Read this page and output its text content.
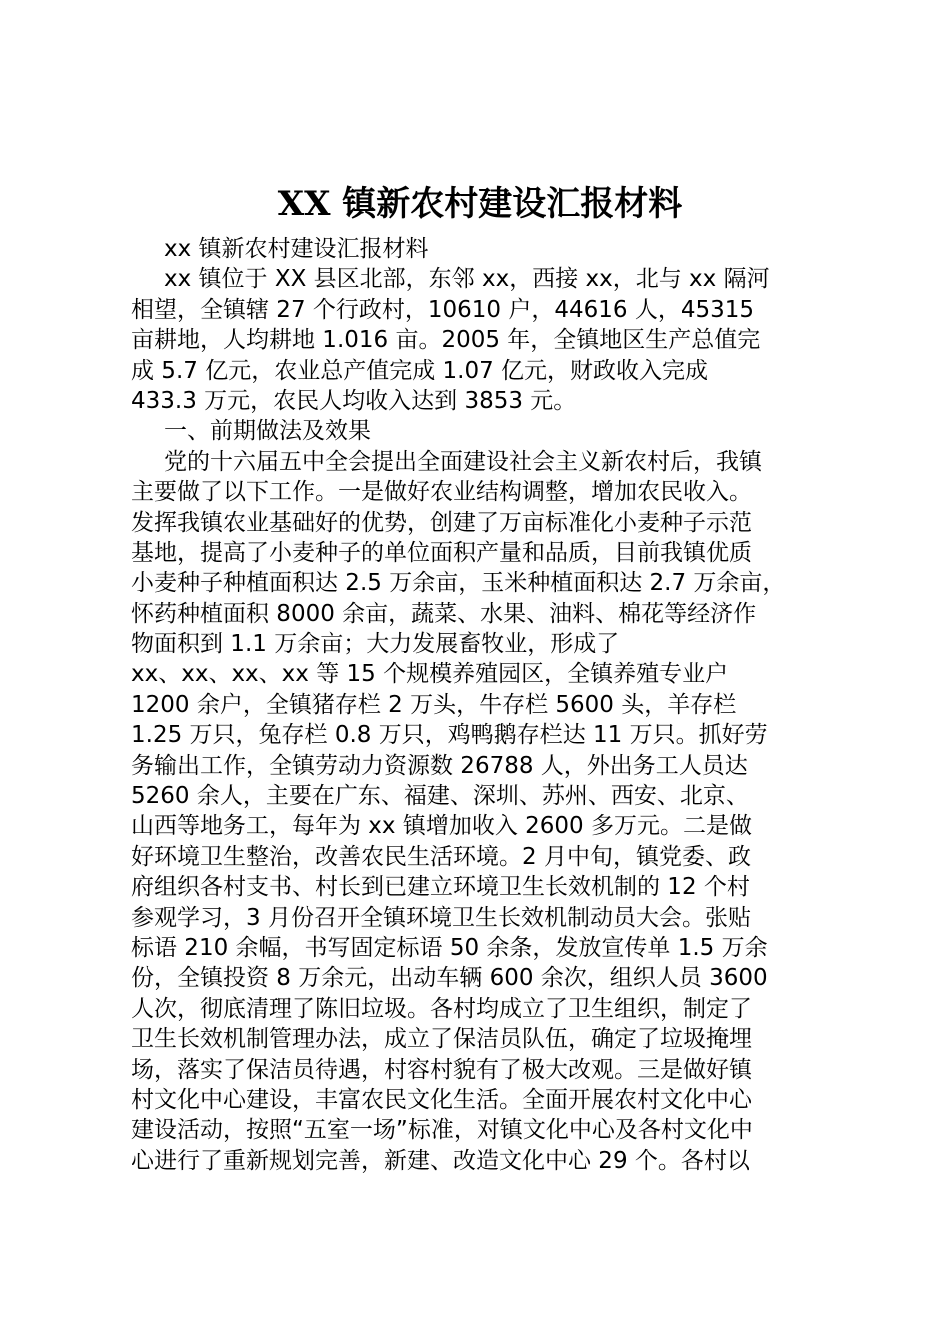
XX 镇新农村建设汇报材料
xx 镇新农村建设汇报材料
xx 镇位于 XX 县区北部，东邻 xx，西接 xx，北与 xx 隔河
相望，全镇辖 27 个行政村，10610 户，44616 人，45315
亩耕地，人均耕地 1.016 亩。2005 年，全镇地区生产总值完
成 5.7 亿元，农业总产值完成 1.07 亿元，财政收入完成
433.3 万元，农民人均收入达到 3853 元。
一、前期做法及效果
党的十六届五中全会提出全面建设社会主义新农村后，我镇
主要做了以下工作。一是做好农业结构调整，增加农民收入。
发挥我镇农业基础好的优势，创建了万亩标准化小麦种子示范
基地，提高了小麦种子的单位面积产量和品质，目前我镇优质
小麦种子种植面积达 2.5 万余亩，玉米种植面积达 2.7 万余亩，
怀药种植面积 8000 余亩，蔬菜、水果、油料、棉花等经济作
物面积到 1.1 万余亩；大力发展畜牧业，形成了
xx、xx、xx、xx 等 15 个规模养殖园区，全镇养殖专业户
1200 余户，全镇猪存栏 2 万头，牛存栏 5600 头，羊存栏
1.25 万只，兔存栏 0.8 万只，鸡鸭鹅存栏达 11 万只。抓好劳
务输出工作，全镇劳动力资源数 26788 人，外出务工人员达
5260 余人，主要在广东、福建、深圳、苏州、西安、北京、
山西等地务工，每年为 xx 镇增加收入 2600 多万元。二是做
好环境卫生整治，改善农民生活环境。2 月中旬，镇党委、政
府组织各村支书、村长到已建立环境卫生长效机制的 12 个村
参观学习，3 月份召开全镇环境卫生长效机制动员大会。张贴
标语 210 余幅，书写固定标语 50 余条，发放宣传单 1.5 万余
份，全镇投资 8 万余元，出动车辆 600 余次，组织人员 3600
人次，彻底清理了陈旧垃圾。各村均成立了卫生组织，制定了
卫生长效机制管理办法，成立了保洁员队伍，确定了垃圾掩埋
场，落实了保洁员待遇，村容村貌有了极大改观。三是做好镇
村文化中心建设，丰富农民文化生活。全面开展农村文化中心
建设活动，按照“五室一场”标准，对镇文化中心及各村文化中
心进行了重新规划完善，新建、改造文化中心 29 个。各村以
